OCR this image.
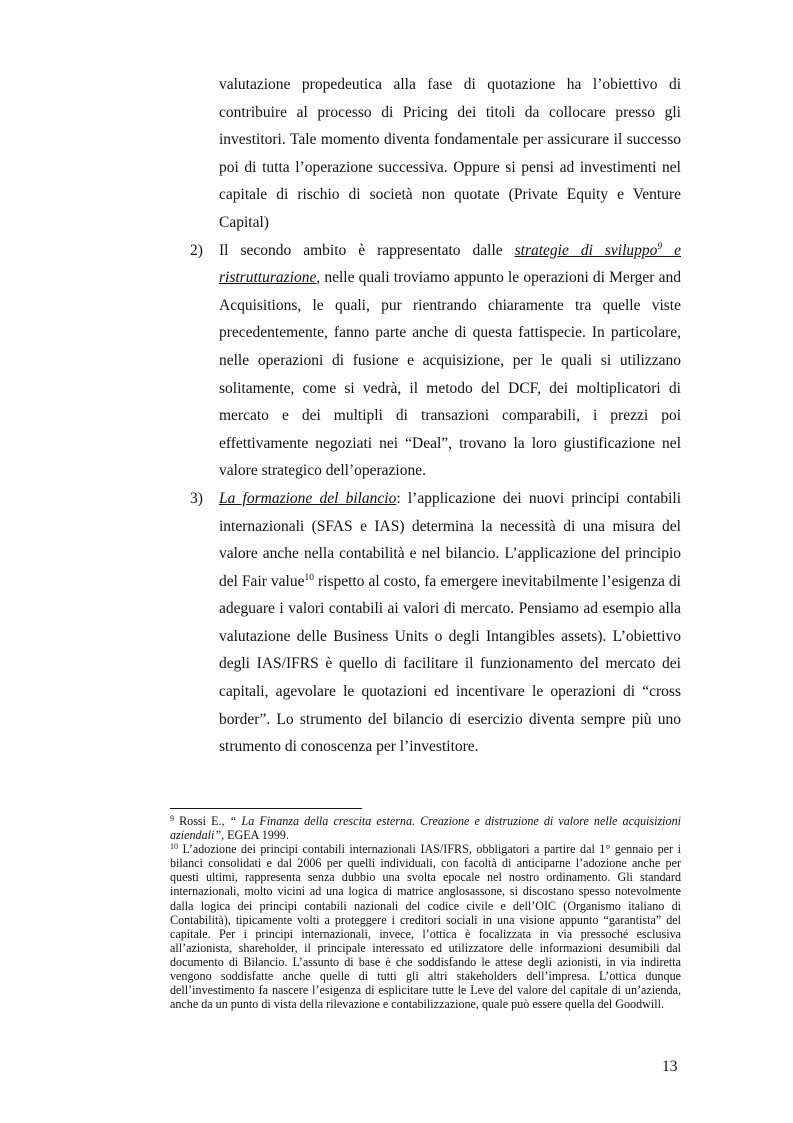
valutazione propedeutica alla fase di quotazione ha l’obiettivo di contribuire al processo di Pricing dei titoli da collocare presso gli investitori. Tale momento diventa fondamentale per assicurare il successo poi di tutta l’operazione successiva. Oppure si pensi ad investimenti nel capitale di rischio di società non quotate (Private Equity e Venture Capital)

2) Il secondo ambito è rappresentato dalle strategie di sviluppo$^9$ e ristrutturazione, nelle quali troviamo appunto le operazioni di Merger and Acquisitions, le quali, pur rientrando chiaramente tra quelle viste precedentemente, fanno parte anche di questa fattispecie. In particolare, nelle operazioni di fusione e acquisizione, per le quali si utilizzano solitamente, come si vedrà, il metodo del DCF, dei moltiplicatori di mercato e dei multipli di transazioni comparabili, i prezzi poi effettivamente negoziati nei “Deal”, trovano la loro giustificazione nel valore strategico dell’operazione.

3) La formazione del bilancio: l’applicazione dei nuovi principi contabili internazionali (SFAS e IAS) determina la necessità di una misura del valore anche nella contabilità e nel bilancio. L’applicazione del principio del Fair value$^{10}$ rispetto al costo, fa emergere inevitabilmente l’esigenza di adeguare i valori contabili ai valori di mercato. Pensiamo ad esempio alla valutazione delle Business Units o degli Intangibles assets). L’obiettivo degli IAS/IFRS è quello di facilitare il funzionamento del mercato dei capitali, agevolare le quotazioni ed incentivare le operazioni di “cross border”. Lo strumento del bilancio di esercizio diventa sempre più uno strumento di conoscenza per l’investitore.

$^9$ Rossi E., “ La Finanza della crescita esterna. Creazione e distruzione di valore nelle acquisizioni aziendali”, EGEA 1999.

$^{10}$ L’adozione dei principi contabili internazionali IAS/IFRS, obbligatori a partire dal 1° gennaio per i bilanci consolidati e dal 2006 per quelli individuali, con facoltà di anticiparne l’adozione anche per questi ultimi, rappresenta senza dubbio una svolta epocale nel nostro ordinamento. Gli standard internazionali, molto vicini ad una logica di matrice anglosassone, si discostano spesso notevolmente dalla logica dei principi contabili nazionali del codice civile e dell’OIC (Organismo italiano di Contabilità), tipicamente volti a proteggere i creditori sociali in una visione appunto “garantista” del capitale. Per i principi internazionali, invece, l’ottica è focalizzata in via pressoché esclusiva all’azionista, shareholder, il principale interessato ed utilizzatore delle informazioni desumibili dal documento di Bilancio. L’assunto di base è che soddisfando le attese degli azionisti, in via indiretta vengono soddisfatte anche quelle di tutti gli altri stakeholders dell’impresa. L’ottica dunque dell’investimento fa nascere l’esigenza di esplicitare tutte le Leve del valore del capitale di un’azienda, anche da un punto di vista della rilevazione e contabilizzazione, quale può essere quella del Goodwill.

13
